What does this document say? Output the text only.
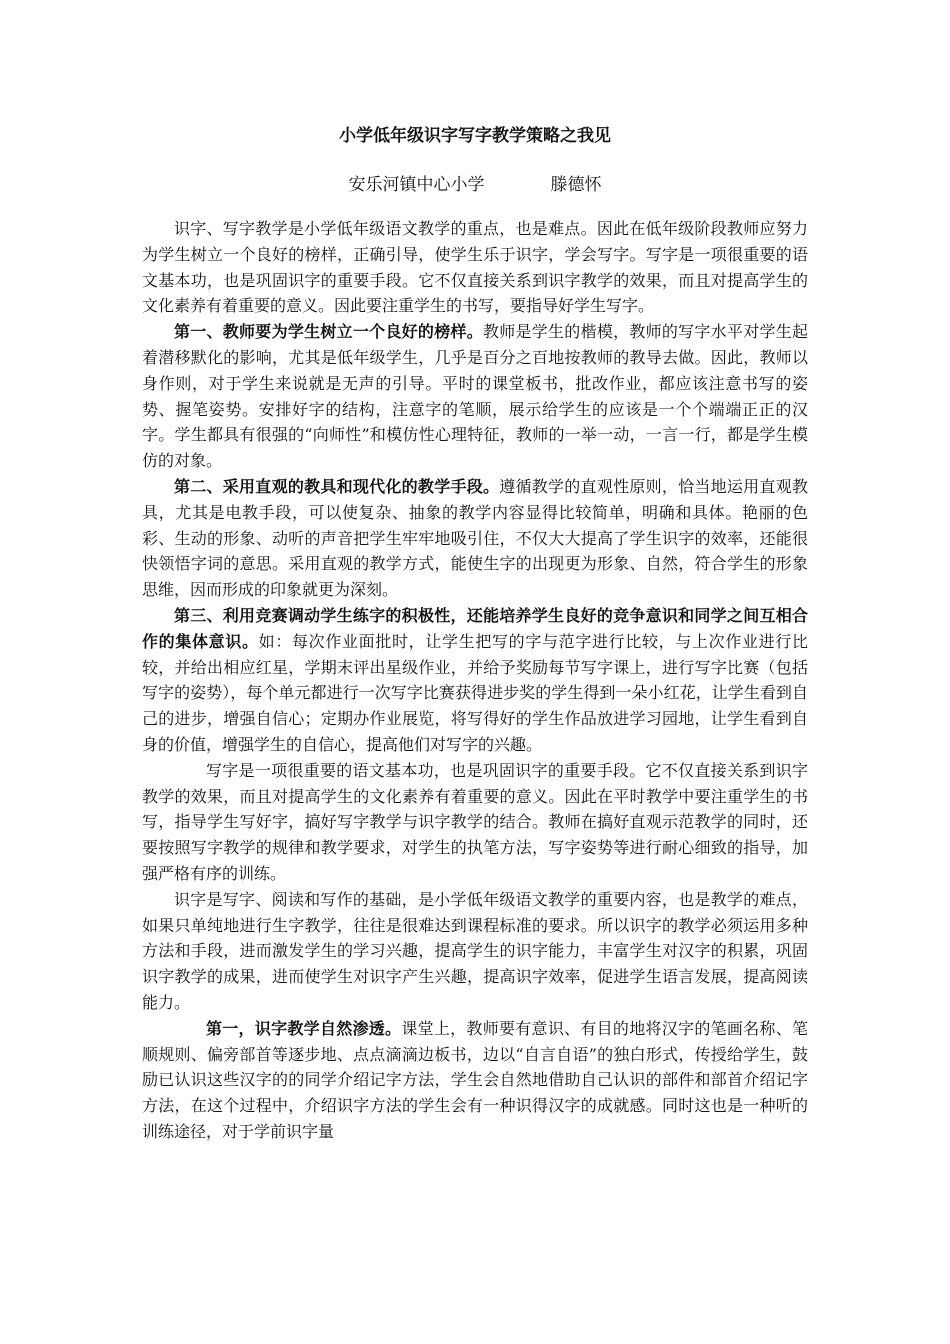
小学低年级识字写字教学策略之我见
安乐河镇中心小学	滕德怀

识字、写字教学是小学低年级语文教学的重点，也是难点。因此在低年级阶段教师应努力为学生树立一个良好的榜样，正确引导，使学生乐于识字，学会写字。写字是一项很重要的语文基本功，也是巩固识字的重要手段。它不仅直接关系到识字教学的效果，而且对提高学生的文化素养有着重要的意义。因此要注重学生的书写，要指导好学生写字。

第一、教师要为学生树立一个良好的榜样。教师是学生的楷模，教师的写字水平对学生起着潜移默化的影响，尤其是低年级学生，几乎是百分之百地按教师的教导去做。因此，教师以身作则，对于学生来说就是无声的引导。平时的课堂板书，批改作业，都应该注意书写的姿势、握笔姿势。安排好字的结构，注意字的笔顺，展示给学生的应该是一个个端端正正的汉字。学生都具有很强的“向师性”和模仿性心理特征，教师的一举一动，一言一行，都是学生模仿的对象。

第二、采用直观的教具和现代化的教学手段。遵循教学的直观性原则，恰当地运用直观教具，尤其是电教手段，可以使复杂、抽象的教学内容显得比较简单，明确和具体。艳丽的色彩、生动的形象、动听的声音把学生牢牢地吸引住，不仅大大提高了学生识字的效率，还能很快领悟字词的意思。采用直观的教学方式，能使生字的出现更为形象、自然，符合学生的形象思维，因而形成的印象就更为深刻。

第三、利用竞赛调动学生练字的积极性，还能培养学生良好的竞争意识和同学之间互相合作的集体意识。如：每次作业面批时，让学生把写的字与范字进行比较，与上次作业进行比较，并给出相应红星，学期末评出星级作业，并给予奖励每节写字课上，进行写字比赛（包括写字的姿势），每个单元都进行一次写字比赛获得进步奖的学生得到一朵小红花，让学生看到自己的进步，增强自信心；定期办作业展览，将写得好的学生作品放进学习园地，让学生看到自身的价值，增强学生的自信心，提高他们对写字的兴趣。

写字是一项很重要的语文基本功，也是巩固识字的重要手段。它不仅直接关系到识字教学的效果，而且对提高学生的文化素养有着重要的意义。因此在平时教学中要注重学生的书写，指导学生写好字，搞好写字教学与识字教学的结合。教师在搞好直观示范教学的同时，还要按照写字教学的规律和教学要求，对学生的执笔方法，写字姿势等进行耐心细致的指导，加强严格有序的训练。

识字是写字、阅读和写作的基础，是小学低年级语文教学的重要内容，也是教学的难点，如果只单纯地进行生字教学，往往是很难达到课程标准的要求。所以识字的教学必须运用多种方法和手段，进而激发学生的学习兴趣，提高学生的识字能力，丰富学生对汉字的积累，巩固识字教学的成果，进而使学生对识字产生兴趣，提高识字效率，促进学生语言发展，提高阅读能力。

第一，识字教学自然渗透。课堂上，教师要有意识、有目的地将汉字的笔画名称、笔顺规则、偏旁部首等逐步地、点点滴滴边板书，边以“自言自语”的独白形式，传授给学生，鼓励已认识这些汉字的的同学介绍记字方法，学生会自然地借助自己认识的部件和部首介绍记字方法，在这个过程中，介绍识字方法的学生会有一种识得汉字的成就感。同时这也是一种听的训练途径，对于学前识字量
